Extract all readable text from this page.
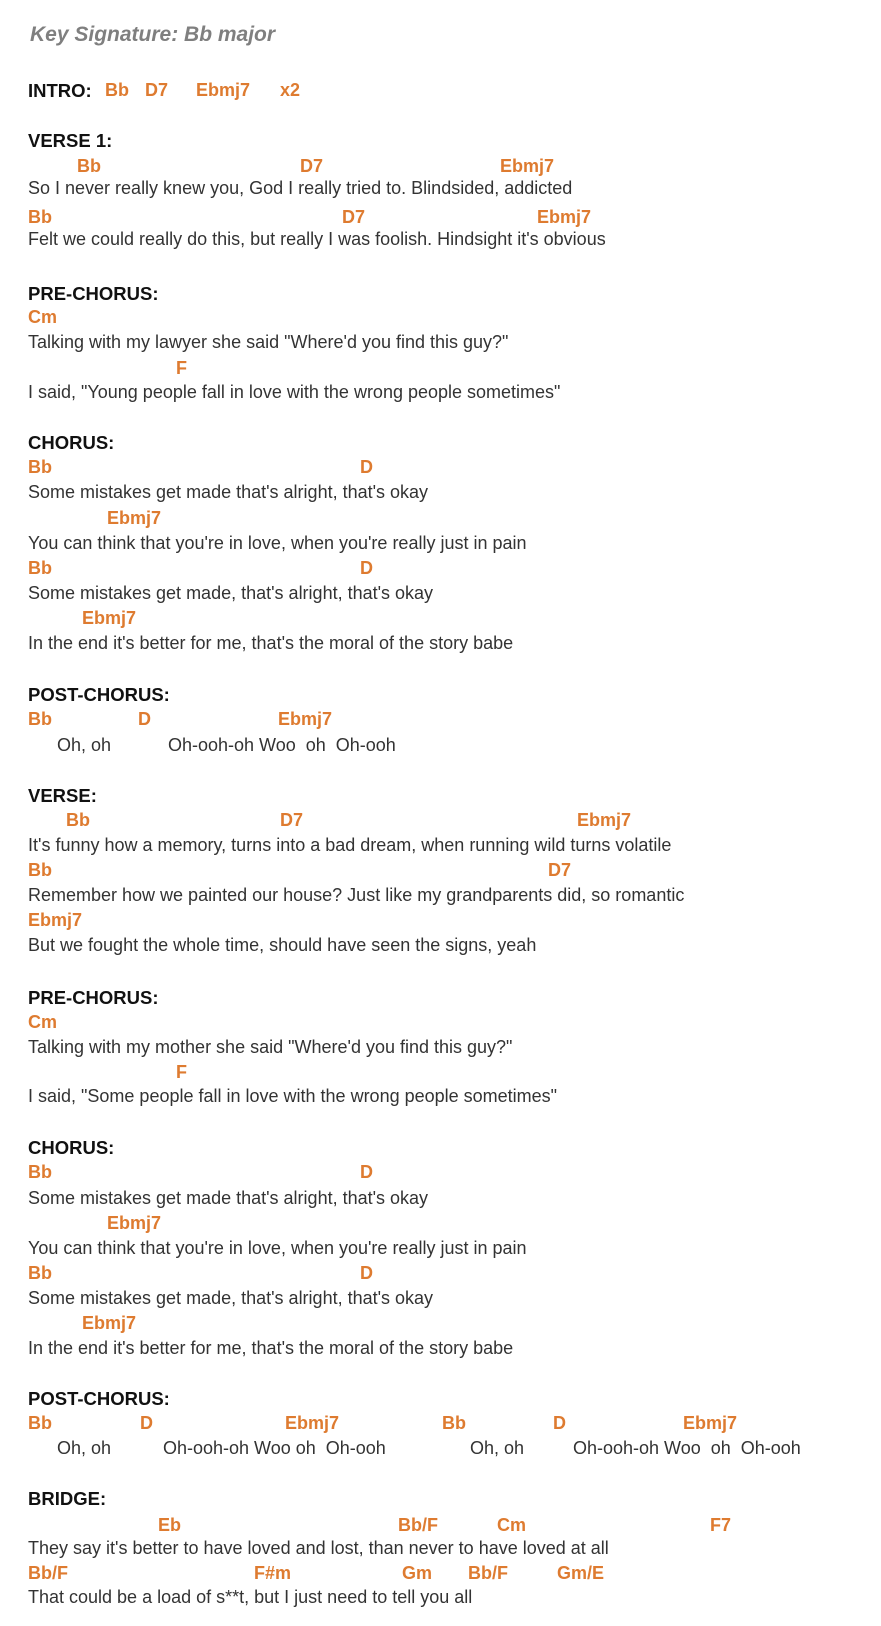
Key Signature: Bb major
INTRO: Bb D7 Ebmj7 x2
VERSE 1:
Bb	D7	Ebmj7
So I never really knew you, God I really tried to. Blindsided, addicted
Bb	D7	Ebmj7
Felt we could really do this, but really I was foolish. Hindsight it's obvious
PRE-CHORUS:
Cm
Talking with my lawyer she said "Where'd you find this guy?"
F
I said, "Young people fall in love with the wrong people sometimes"
CHORUS:
Bb	D
Some mistakes get made that's alright, that's okay
Ebmj7
You can think that you're in love, when you're really just in pain
Bb	D
Some mistakes get made, that's alright, that's okay
Ebmj7
In the end it's better for me, that's the moral of the story babe
POST-CHORUS:
Bb	D	Ebmj7
Oh, oh	Oh-ooh-oh Woo  oh  Oh-ooh
VERSE:
Bb	D7	Ebmj7
It's funny how a memory, turns into a bad dream, when running wild turns volatile
Bb	D7
Remember how we painted our house? Just like my grandparents did, so romantic
Ebmj7
But we fought the whole time, should have seen the signs, yeah
PRE-CHORUS:
Cm
Talking with my mother she said "Where'd you find this guy?"
F
I said, "Some people fall in love with the wrong people sometimes"
CHORUS:
Bb	D
Some mistakes get made that's alright, that's okay
Ebmj7
You can think that you're in love, when you're really just in pain
Bb	D
Some mistakes get made, that's alright, that's okay
Ebmj7
In the end it's better for me, that's the moral of the story babe
POST-CHORUS:
Bb	D	Ebmj7	Bb	D	Ebmj7
Oh, oh	Oh-ooh-oh Woo oh  Oh-ooh	Oh, oh	Oh-ooh-oh Woo  oh  Oh-ooh
BRIDGE:
Eb	Bb/F	Cm	F7
They say it's better to have loved and lost, than never to have loved at all
Bb/F	F#m	Gm Bb/F	Gm/E
That could be a load of s**t, but I just need to tell you all
